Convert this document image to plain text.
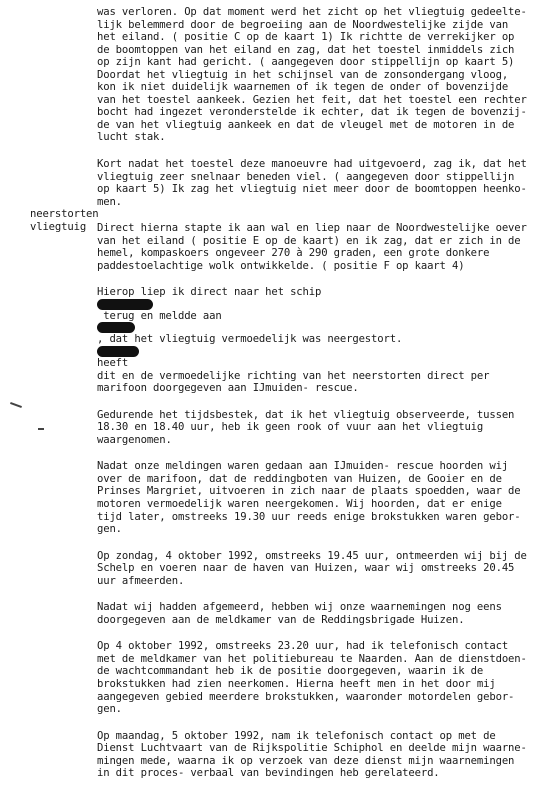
neerstorten
vliegtuig
was verloren. Op dat moment werd het zicht op het vliegtuig gedeelte-
lijk belemmerd door de begroeiing aan de Noordwestelijke zijde van
het eiland. ( positie C op de kaart 1) Ik richtte de verrekijker op
de boomtoppen van het eiland en zag, dat het toestel inmiddels zich
op zijn kant had gericht. ( aangegeven door stippellijn op kaart 5)
Doordat het vliegtuig in het schijnsel van de zonsondergang vloog,
kon ik niet duidelijk waarnemen of ik tegen de onder of bovenzijde
van het toestel aankeek. Gezien het feit, dat het toestel een rechter
bocht had ingezet veronderstelde ik echter, dat ik tegen de bovenzij-
de van het vliegtuig aankeek en dat de vleugel met de motoren in de
lucht stak.
Kort nadat het toestel deze manoeuvre had uitgevoerd, zag ik, dat het
vliegtuig zeer snelnaar beneden viel. ( aangegeven door stippellijn
op kaart 5) Ik zag het vliegtuig niet meer door de boomtoppen heenko-
men.
Direct hierna stapte ik aan wal en liep naar de Noordwestelijke oever
van het eiland ( positie E op de kaart) en ik zag, dat er zich in de
hemel, kompaskoers ongeveer 270 à 290 graden, een grote donkere
paddestoelachtige wolk ontwikkelde. ( positie F op kaart 4)
Hierop liep ik direct naar het schip
terug en meldde aan
, dat het vliegtuig vermoedelijk was neergestort.
heeft
dit en de vermoedelijke richting van het neerstorten direct per
marifoon doorgegeven aan IJmuiden- rescue.
Gedurende het tijdsbestek, dat ik het vliegtuig observeerde, tussen
18.30 en 18.40 uur, heb ik geen rook of vuur aan het vliegtuig
waargenomen.
Nadat onze meldingen waren gedaan aan IJmuiden- rescue hoorden wij
over de marifoon, dat de reddingboten van Huizen, de Gooier en de
Prinses Margriet, uitvoeren in zich naar de plaats spoedden, waar de
motoren vermoedelijk waren neergekomen. Wij hoorden, dat er enige
tijd later, omstreeks 19.30 uur reeds enige brokstukken waren gebor-
gen.
Op zondag, 4 oktober 1992, omstreeks 19.45 uur, ontmeerden wij bij de
Schelp en voeren naar de haven van Huizen, waar wij omstreeks 20.45
uur afmeerden.
Nadat wij hadden afgemeerd, hebben wij onze waarnemingen nog eens
doorgegeven aan de meldkamer van de Reddingsbrigade Huizen.
Op 4 oktober 1992, omstreeks 23.20 uur, had ik telefonisch contact
met de meldkamer van het politiebureau te Naarden. Aan de dienstdoen-
de wachtcommandant heb ik de positie doorgegeven, waarin ik de
brokstukken had zien neerkomen. Hierna heeft men in het door mij
aangegeven gebied meerdere brokstukken, waaronder motordelen gebor-
gen.
Op maandag, 5 oktober 1992, nam ik telefonisch contact op met de
Dienst Luchtvaart van de Rijkspolitie Schiphol en deelde mijn waarne-
mingen mede, waarna ik op verzoek van deze dienst mijn waarnemingen
in dit proces- verbaal van bevindingen heb gerelateerd.
